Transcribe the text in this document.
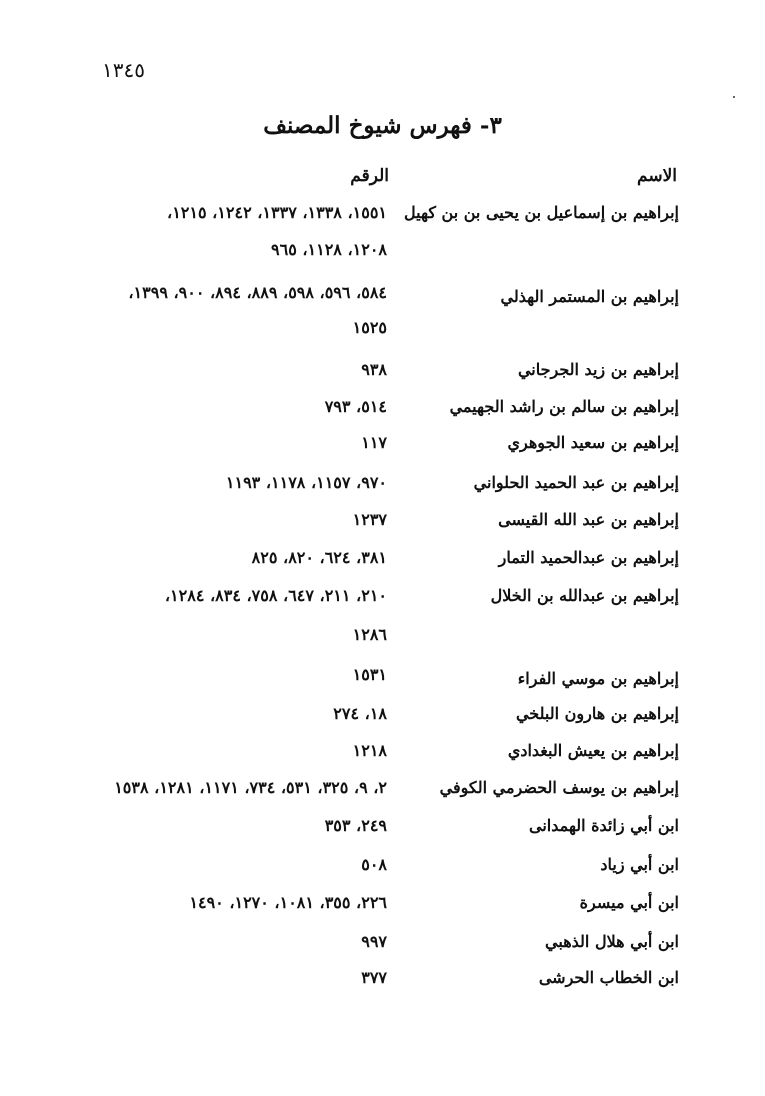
١٣٤٥
٣- فهرس شيوخ المصنف
الاسم
الرقم
إبراهيم بن إسماعيل بن يحيى بن بن كهيل
١٥٥١، ١٣٣٨، ١٣٣٧، ١٢٤٢، ١٢١٥،
١٢٠٨، ١١٢٨، ٩٦٥
إبراهيم بن المستمر الهذلي
٥٨٤، ٥٩٦، ٥٩٨، ٨٨٩، ٨٩٤، ٩٠٠، ١٣٩٩،
١٥٢٥
إبراهيم بن زيد الجرجاني
٩٣٨
إبراهيم بن سالم بن راشد الجهيمي
٥١٤، ٧٩٣
إبراهيم بن سعيد الجوهري
١١٧
إبراهيم بن عبد الحميد الحلواني
٩٧٠، ١١٥٧، ١١٧٨، ١١٩٣
إبراهيم بن عبد الله القيسى
١٢٣٧
إبراهيم بن عبدالحميد التمار
٣٨١، ٦٢٤، ٨٢٠، ٨٢٥
إبراهيم بن عبدالله بن الخلال
٢١٠، ٢١١، ٦٤٧، ٧٥٨، ٨٣٤، ١٢٨٤،
١٢٨٦
إبراهيم بن موسي الفراء
١٥٣١
إبراهيم بن هارون البلخي
١٨، ٢٧٤
إبراهيم بن يعيش البغدادي
١٢١٨
إبراهيم بن يوسف الحضرمي الكوفي
٢، ٩، ٣٢٥، ٥٣١، ٧٣٤، ١١٧١، ١٢٨١، ١٥٣٨
ابن أبي زائدة الهمدانى
٢٤٩، ٣٥٣
ابن أبي زياد
٥٠٨
ابن أبي ميسرة
٢٢٦، ٣٥٥، ١٠٨١، ١٢٧٠، ١٤٩٠
ابن أبي هلال الذهبي
٩٩٧
ابن الخطاب الحرشى
٣٧٧
